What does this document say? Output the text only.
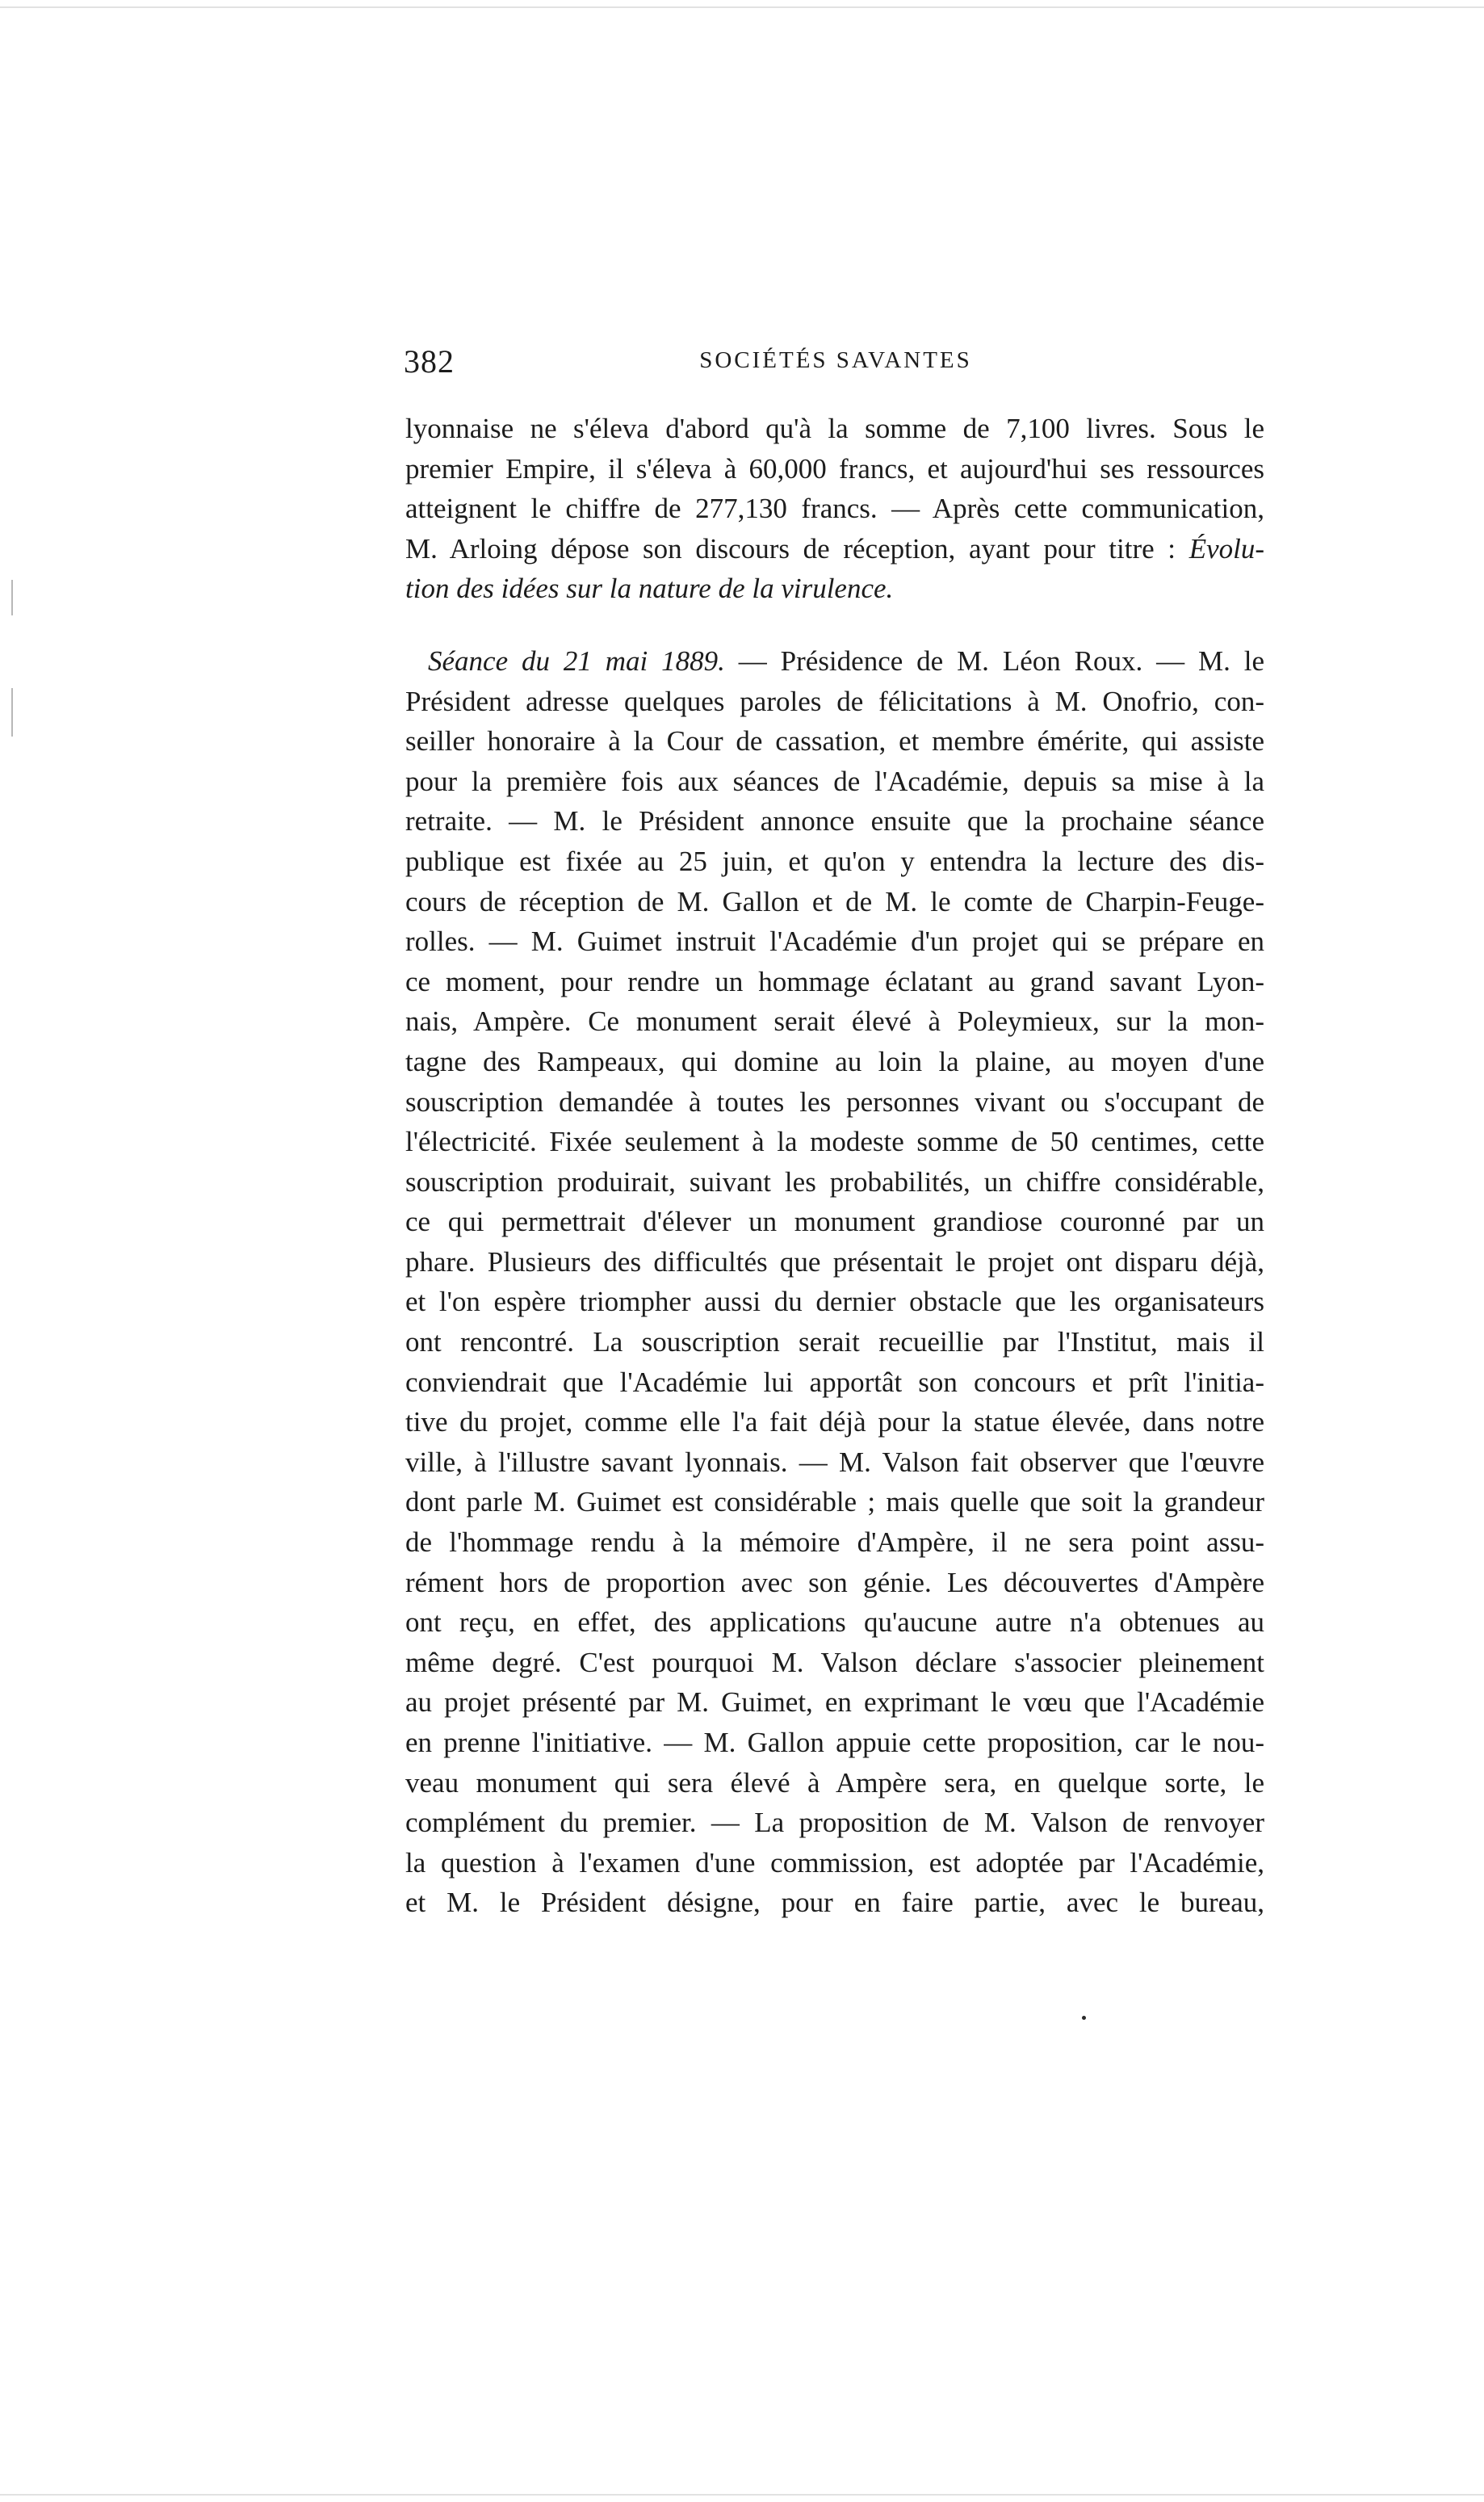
382	SOCIÉTÉS SAVANTES
lyonnaise ne s'éleva d'abord qu'à la somme de 7,100 livres. Sous le
premier Empire, il s'éleva à 60,000 francs, et aujourd'hui ses ressources
atteignent le chiffre de 277,130 francs. — Après cette communication,
M. Arloing dépose son discours de réception, ayant pour titre : Évolu-
tion des idées sur la nature de la virulence.
Séance du 21 mai 1889. — Présidence de M. Léon Roux. — M. le
Président adresse quelques paroles de félicitations à M. Onofrio, con-
seiller honoraire à la Cour de cassation, et membre émérite, qui assiste
pour la première fois aux séances de l'Académie, depuis sa mise à la
retraite. — M. le Président annonce ensuite que la prochaine séance
publique est fixée au 25 juin, et qu'on y entendra la lecture des dis-
cours de réception de M. Gallon et de M. le comte de Charpin-Feuge-
rolles. — M. Guimet instruit l'Académie d'un projet qui se prépare en
ce moment, pour rendre un hommage éclatant au grand savant Lyon-
nais, Ampère. Ce monument serait élevé à Poleymieux, sur la mon-
tagne des Rampeaux, qui domine au loin la plaine, au moyen d'une
souscription demandée à toutes les personnes vivant ou s'occupant de
l'électricité. Fixée seulement à la modeste somme de 50 centimes, cette
souscription produirait, suivant les probabilités, un chiffre considérable,
ce qui permettrait d'élever un monument grandiose couronné par un
phare. Plusieurs des difficultés que présentait le projet ont disparu déjà,
et l'on espère triompher aussi du dernier obstacle que les organisateurs
ont rencontré. La souscription serait recueillie par l'Institut, mais il
conviendrait que l'Académie lui apportât son concours et prît l'initia-
tive du projet, comme elle l'a fait déjà pour la statue élevée, dans notre
ville, à l'illustre savant lyonnais. — M. Valson fait observer que l'œuvre
dont parle M. Guimet est considérable ; mais quelle que soit la grandeur
de l'hommage rendu à la mémoire d'Ampère, il ne sera point assu-
rément hors de proportion avec son génie. Les découvertes d'Ampère
ont reçu, en effet, des applications qu'aucune autre n'a obtenues au
même degré. C'est pourquoi M. Valson déclare s'associer pleinement
au projet présenté par M. Guimet, en exprimant le vœu que l'Académie
en prenne l'initiative. — M. Gallon appuie cette proposition, car le nou-
veau monument qui sera élevé à Ampère sera, en quelque sorte, le
complément du premier. — La proposition de M. Valson de renvoyer
la question à l'examen d'une commission, est adoptée par l'Académie,
et M. le Président désigne, pour en faire partie, avec le bureau,
